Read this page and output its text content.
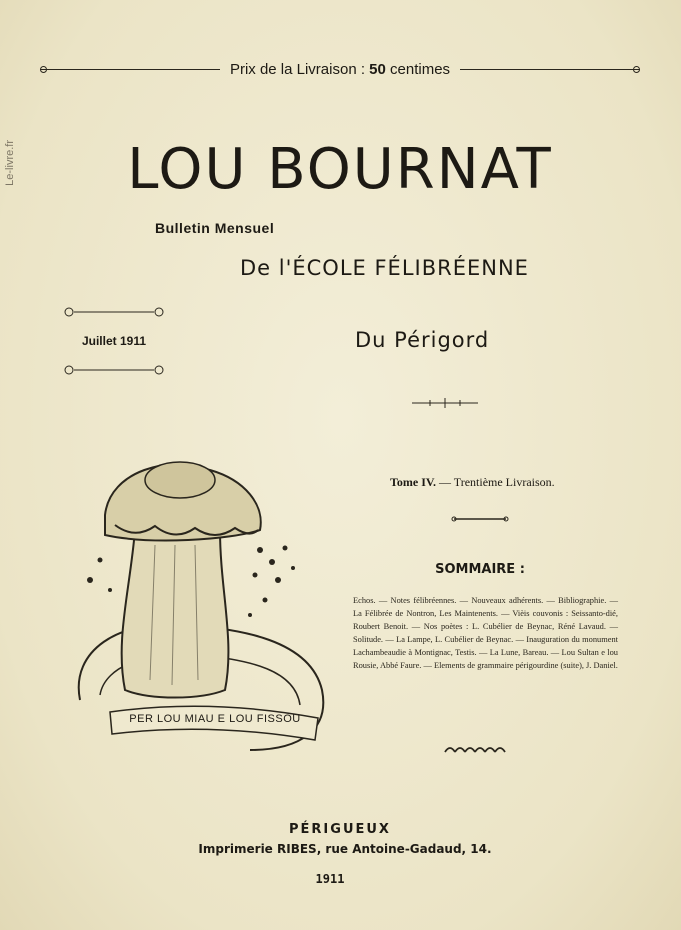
Le-livre.fr
Prix de la Livraison : 50 centimes
LOU BOURNAT
Bulletin Mensuel
De l'ÉCOLE FÉLIBRÉENNE
Juillet 1911	Du Périgord
PER LOU MIAU E LOU FISSOU
Tome IV. — Trentième Livraison.
SOMMAIRE :
Echos. — Notes félibréennes. — Nouveaux adhérents. — Bibliographie. — La Félibrée de Nontron, Les Maintenents. — Vièis couvonis : Seissanto-dié, Roubert Benoit. — Nos poètes : L. Cubélier de Beynac, Réné Lavaud. — Solitude. — La Lampe, L. Cubélier de Beynac. — Inauguration du monument Lachambeaudie à Montignac, Testis. — La Lune, Bareau. — Lou Sultan e lou Rousie, Abbé Faure. — Elements de grammaire périgourdine (suite), J. Daniel.
PÉRIGUEUX
Imprimerie RIBES, rue Antoine-Gadaud, 14.
1911
